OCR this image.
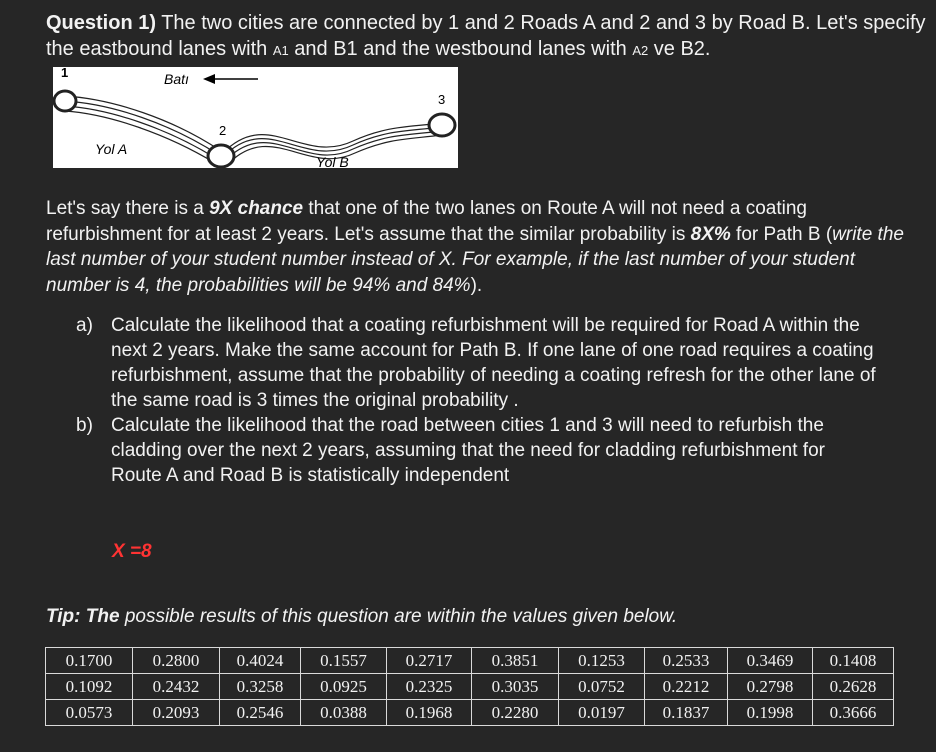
Question 1) The two cities are connected by 1 and 2 Roads A and 2 and 3 by Road B. Let's specify the eastbound lanes with A1 and B1 and the westbound lanes with A2 ve B2.
1
2
3
Batı
Yol A
Yol B
Let's say there is a 9X chance that one of the two lanes on Route A will not need a coating refurbishment for at least 2 years. Let's assume that the similar probability is 8X% for Path B (write the last number of your student number instead of X. For example, if the last number of your student number is 4, the probabilities will be 94% and 84%).
a) Calculate the likelihood that a coating refurbishment will be required for Road A within the next 2 years. Make the same account for Path B. If one lane of one road requires a coating refurbishment, assume that the probability of needing a coating refresh for the other lane of the same road is 3 times the original probability .
b) Calculate the likelihood that the road between cities 1 and 3 will need to refurbish the cladding over the next 2 years, assuming that the need for cladding refurbishment for Route A and Road B is statistically independent
X =8
Tip: The possible results of this question are within the values given below.
0.1700	0.2800	0.4024	0.1557	0.2717	0.3851	0.1253	0.2533	0.3469	0.1408
0.1092	0.2432	0.3258	0.0925	0.2325	0.3035	0.0752	0.2212	0.2798	0.2628
0.0573	0.2093	0.2546	0.0388	0.1968	0.2280	0.0197	0.1837	0.1998	0.3666
